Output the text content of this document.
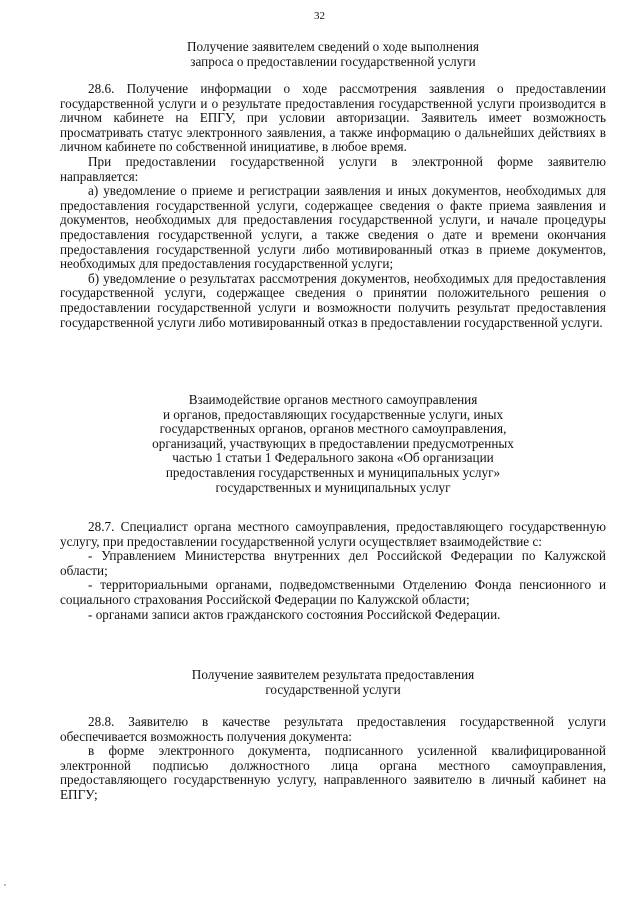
32
Получение заявителем сведений о ходе выполнения
запроса о предоставлении государственной услуги

28.6. Получение информации о ходе рассмотрения заявления о предоставлении государственной услуги и о результате предоставления государственной услуги производится в личном кабинете на ЕПГУ, при условии авторизации. Заявитель имеет возможность просматривать статус электронного заявления, а также информацию о дальнейших действиях в личном кабинете по собственной инициативе, в любое время.

При предоставлении государственной услуги в электронной форме заявителю направляется:

а) уведомление о приеме и регистрации заявления и иных документов, необходимых для предоставления государственной услуги, содержащее сведения о факте приема заявления и документов, необходимых для предоставления государственной услуги, и начале процедуры предоставления государственной услуги, а также сведения о дате и времени окончания предоставления государственной услуги либо мотивированный отказ в приеме документов, необходимых для предоставления государственной услуги;

б) уведомление о результатах рассмотрения документов, необходимых для предоставления государственной услуги, содержащее сведения о принятии положительного решения о предоставлении государственной услуги и возможности получить результат предоставления государственной услуги либо мотивированный отказ в предоставлении государственной услуги.

Взаимодействие органов местного самоуправления
и органов, предоставляющих государственные услуги, иных
государственных органов, органов местного самоуправления,
организаций, участвующих в предоставлении предусмотренных
частью 1 статьи 1 Федерального закона «Об организации
предоставления государственных и муниципальных услуг»
государственных и муниципальных услуг

28.7. Специалист органа местного самоуправления, предоставляющего государственную услугу, при предоставлении государственной услуги осуществляет взаимодействие с:

- Управлением Министерства внутренних дел Российской Федерации по Калужской области;

- территориальными органами, подведомственными Отделению Фонда пенсионного и социального страхования Российской Федерации по Калужской области;

- органами записи актов гражданского состояния Российской Федерации.

Получение заявителем результата предоставления
государственной услуги

28.8. Заявителю в качестве результата предоставления государственной услуги обеспечивается возможность получения документа:

в форме электронного документа, подписанного усиленной квалифицированной электронной подписью должностного лица органа местного самоуправления, предоставляющего государственную услугу, направленного заявителю в личный кабинет на ЕПГУ;
